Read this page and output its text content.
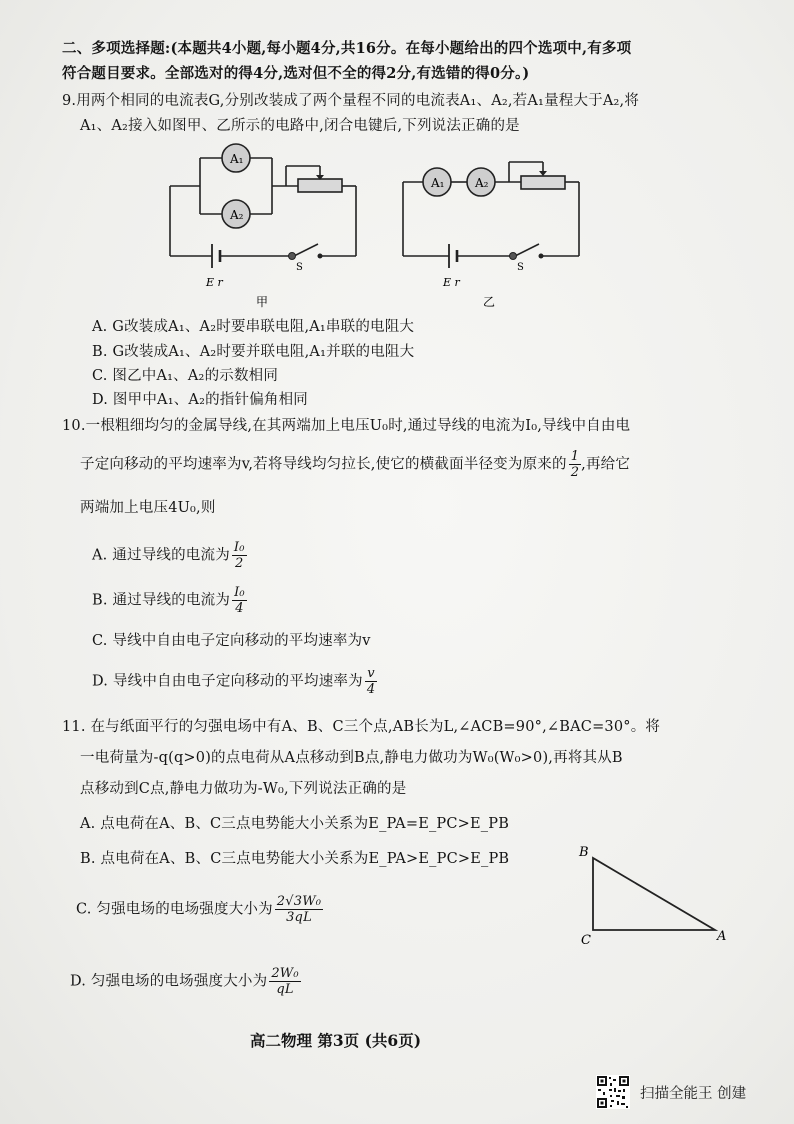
二、多项选择题:(本题共4小题,每小题4分,共16分。在每小题给出的四个选项中,有多项
符合题目要求。全部选对的得4分,选对但不全的得2分,有选错的得0分。)
9.用两个相同的电流表G,分别改装成了两个量程不同的电流表A₁、A₂,若A₁量程大于A₂,将
A₁、A₂接入如图甲、乙所示的电路中,闭合电键后,下列说法正确的是
A₁
A₂
E r
S
甲
A₁	A₂
E r
S
乙
A. G改装成A₁、A₂时要串联电阻,A₁串联的电阻大
B. G改装成A₁、A₂时要并联电阻,A₁并联的电阻大
C. 图乙中A₁、A₂的示数相同
D. 图甲中A₁、A₂的指针偏角相同
10.一根粗细均匀的金属导线,在其两端加上电压U₀时,通过导线的电流为I₀,导线中自由电
子定向移动的平均速率为v,若将导线均匀拉长,使它的横截面半径变为原来的 $\frac{1}{2}$ ,再给它
两端加上电压4U₀,则
A. 通过导线的电流为 $\frac{\text{I₀}}{2}$
B. 通过导线的电流为 $\frac{\text{I₀}}{4}$
C. 导线中自由电子定向移动的平均速率为v
D. 导线中自由电子定向移动的平均速率为 $\frac{v}{4}$
11. 在与纸面平行的匀强电场中有A、B、C三个点,AB长为L,∠ACB=90°,∠BAC=30°。将
一电荷量为-q(q>0)的点电荷从A点移动到B点,静电力做功为W₀(W₀>0),再将其从B
点移动到C点,静电力做功为-W₀,下列说法正确的是
A. 点电荷在A、B、C三点电势能大小关系为E_PA=E_PC>E_PB
B. 点电荷在A、B、C三点电势能大小关系为E_PA>E_PC>E_PB
C. 匀强电场的电场强度大小为 $\frac{\text{2√3W₀}}{3qL}$
D. 匀强电场的电场强度大小为 $\frac{\text{2W₀}}{qL}$
B
C	A
高二物理 第3页 (共6页)
扫描全能王 创建
